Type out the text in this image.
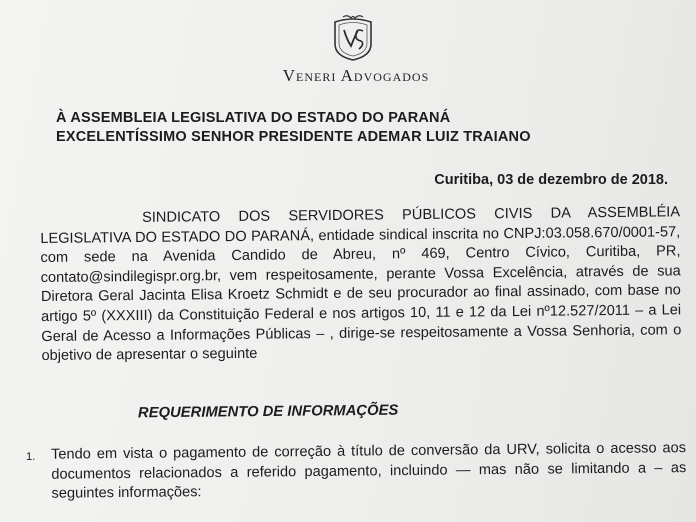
Veneri Advogados
À ASSEMBLEIA LEGISLATIVA DO ESTADO DO PARANÁ
EXCELENTÍSSIMO SENHOR PRESIDENTE ADEMAR LUIZ TRAIANO
Curitiba, 03 de dezembro de 2018.
SINDICATO DOS SERVIDORES PÚBLICOS CIVIS DA ASSEMBLÉIA LEGISLATIVA DO ESTADO DO PARANÁ, entidade sindical inscrita no CNPJ:03.058.670/0001-57, com sede na Avenida Candido de Abreu, nº 469, Centro Cívico, Curitiba, PR, contato@sindilegispr.org.br, vem respeitosamente, perante Vossa Excelência, através de sua Diretora Geral Jacinta Elisa Kroetz Schmidt e de seu procurador ao final assinado, com base no artigo 5º (XXXIII) da Constituição Federal e nos artigos 10, 11 e 12 da Lei nº12.527/2011 – a Lei Geral de Acesso a Informações Públicas – , dirige-se respeitosamente a Vossa Senhoria, com o objetivo de apresentar o seguinte
REQUERIMENTO DE INFORMAÇÕES
1. Tendo em vista o pagamento de correção à título de conversão da URV, solicita o acesso aos documentos relacionados a referido pagamento, incluindo — mas não se limitando a – as seguintes informações:
